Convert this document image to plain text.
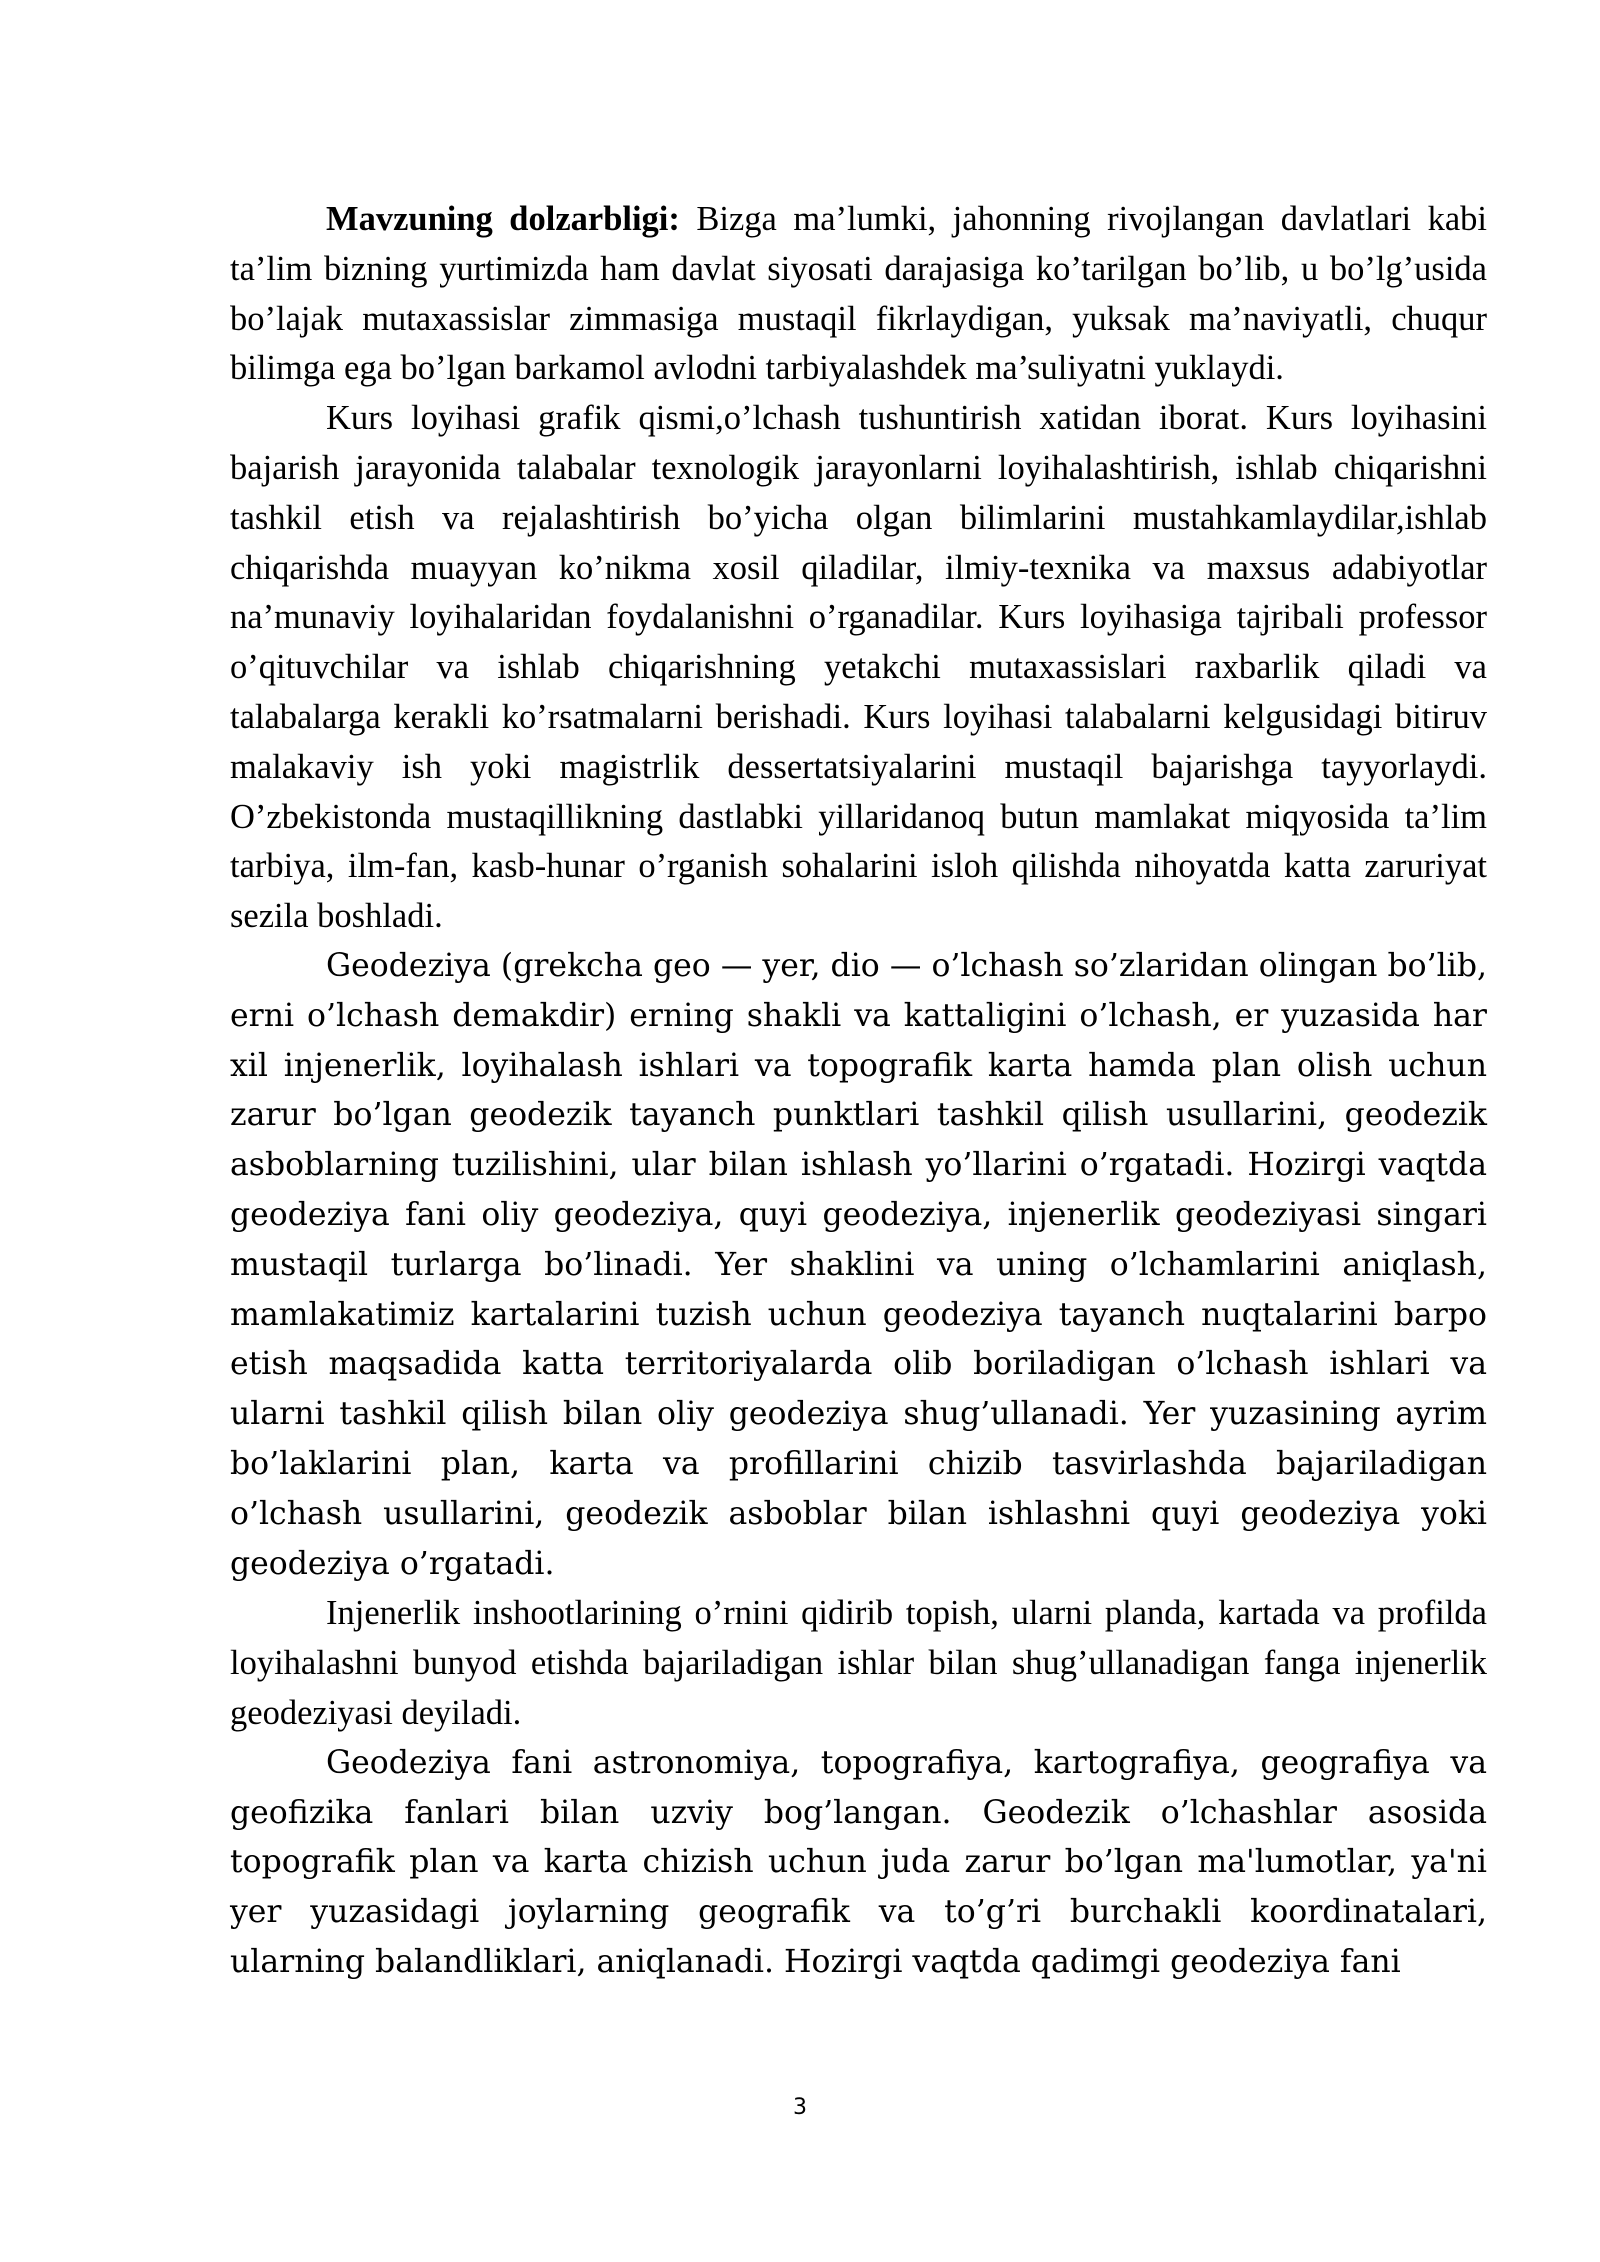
Mavzuning dolzarbligi: Bizga ma’lumki, jahonning rivojlangan davlatlari kabi ta’lim bizning yurtimizda ham davlat siyosati darajasiga ko’tarilgan bo’lib, u bo’lg’usida bo’lajak mutaxassislar zimmasiga mustaqil fikrlaydigan, yuksak ma’naviyatli, chuqur bilimga ega bo’lgan barkamol avlodni tarbiyalashdek ma’suliyatni yuklaydi.

Kurs loyihasi grafik qismi,o’lchash tushuntirish xatidan iborat. Kurs loyihasini bajarish jarayonida talabalar texnologik jarayonlarni loyihalashtirish, ishlab chiqarishni tashkil etish va rejalashtirish bo’yicha olgan bilimlarini mustahkamlaydilar,ishlab chiqarishda muayyan ko’nikma xosil qiladilar, ilmiy-texnika va maxsus adabiyotlar na’munaviy loyihalaridan foydalanishni o’rganadilar. Kurs loyihasiga tajribali professor o’qituvchilar va ishlab chiqarishning yetakchi mutaxassislari raxbarlik qiladi va talabalarga kerakli ko’rsatmalarni berishadi. Kurs loyihasi talabalarni kelgusidagi bitiruv malakaviy ish yoki magistrlik dessertatsiyalarini mustaqil bajarishga tayyorlaydi. O’zbekistonda mustaqillikning dastlabki yillaridanoq butun mamlakat miqyosida ta’lim tarbiya, ilm-fan, kasb-hunar o’rganish sohalarini isloh qilishda nihoyatda katta zaruriyat sezila boshladi.

Geodeziya (grekcha geo — yer, dio — o’lchash so’zlaridan olingan bo’lib, erni o’lchash demakdir) erning shakli va kattaligini o’lchash, er yuzasida har xil injenerlik, loyihalash ishlari va topografik karta hamda plan olish uchun zarur bo’lgan geodezik tayanch punktlari tashkil qilish usullarini, geodezik asboblarning tuzilishini, ular bilan ishlash yo’llarini o’rgatadi. Hozirgi vaqtda geodeziya fani oliy geodeziya, quyi geodeziya, injenerlik geodeziyasi singari mustaqil turlarga bo’linadi. Yer shaklini va uning o’lchamlarini aniqlash, mamlakatimiz kartalarini tuzish uchun geodeziya tayanch nuqtalarini barpo etish maqsadida katta territoriyalarda olib boriladigan o’lchash ishlari va ularni tashkil qilish bilan oliy geodeziya shug’ullanadi. Yer yuzasining ayrim bo’laklarini plan, karta va profillarini chizib tasvirlashda bajariladigan o’lchash usullarini, geodezik asboblar bilan ishlashni quyi geodeziya yoki geodeziya o’rgatadi.

Injenerlik inshootlarining o’rnini qidirib topish, ularni planda, kartada va profilda loyihalashni bunyod etishda bajariladigan ishlar bilan shug’ullanadigan fanga injenerlik geodeziyasi deyiladi.

Geodeziya fani astronomiya, topografiya, kartografiya, geografiya va geofizika fanlari bilan uzviy bog’langan. Geodezik o’lchashlar asosida topografik plan va karta chizish uchun juda zarur bo’lgan ma'lumotlar, ya'ni yer yuzasidagi joylarning geografik va to’g’ri burchakli koordinatalari, ularning balandliklari, aniqlanadi. Hozirgi vaqtda qadimgi geodeziya fani

3
